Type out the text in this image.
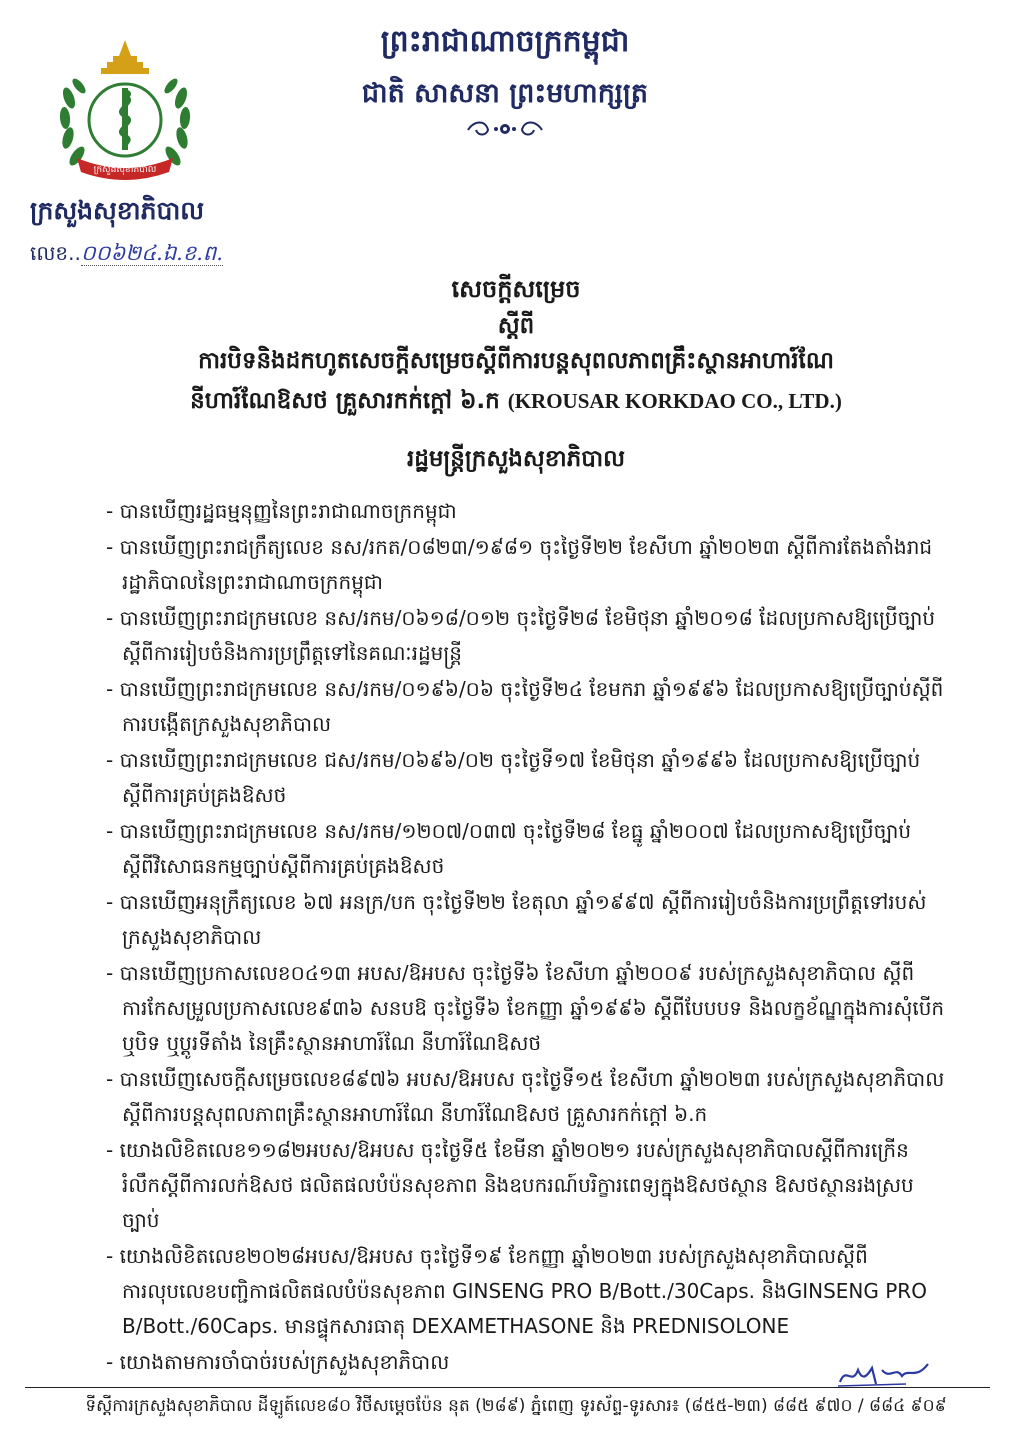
ក្រសួងសុខាភិបាល
ព្រះរាជាណាចក្រកម្ពុជា
ជាតិ សាសនា ព្រះមហាក្សត្រ
ក្រសួងសុខាភិបាល
លេខ..០០៦២៤.ឯ.ខ.ព.
សេចក្តីសម្រេច
ស្តីពី
ការបិទនិងដកហូតសេចក្តីសម្រេចស្តីពីការបន្តសុពលភាពគ្រឹះស្ថានអាហារ៍ណែ
នីហារ៍ណែឱសថ គ្រួសារកក់ក្តៅ ៦.ក (KROUSAR KORKDAO CO., LTD.)
រដ្ឋមន្ត្រីក្រសួងសុខាភិបាល
- បានឃើញរដ្ឋធម្មនុញ្ញនៃព្រះរាជាណាចក្រកម្ពុជា
- បានឃើញព្រះរាជក្រឹត្យលេខ នស/រកត/០៨២៣/១៩៨១ ចុះថ្ងៃទី២២ ខែសីហា ឆ្នាំ២០២៣ ស្តីពីការតែងតាំងរាជរដ្ឋាភិបាលនៃព្រះរាជាណាចក្រកម្ពុជា
- បានឃើញព្រះរាជក្រមលេខ នស/រកម/០៦១៨/០១២ ចុះថ្ងៃទី២៨ ខែមិថុនា ឆ្នាំ២០១៨ ដែលប្រកាសឱ្យប្រើច្បាប់ស្តីពីការរៀបចំនិងការប្រព្រឹត្តទៅនៃគណៈរដ្ឋមន្ត្រី
- បានឃើញព្រះរាជក្រមលេខ នស/រកម/០១៩៦/០៦ ចុះថ្ងៃទី២៤ ខែមករា ឆ្នាំ១៩៩៦ ដែលប្រកាសឱ្យប្រើច្បាប់ស្តីពីការបង្កើតក្រសួងសុខាភិបាល
- បានឃើញព្រះរាជក្រមលេខ ជស/រកម/០៦៩៦/០២ ចុះថ្ងៃទី១៧ ខែមិថុនា ឆ្នាំ១៩៩៦ ដែលប្រកាសឱ្យប្រើច្បាប់ស្តីពីការគ្រប់គ្រងឱសថ
- បានឃើញព្រះរាជក្រមលេខ នស/រកម/១២០៧/០៣៧ ចុះថ្ងៃទី២៨ ខែធ្នូ ឆ្នាំ២០០៧ ដែលប្រកាសឱ្យប្រើច្បាប់ស្តីពីវិសោធនកម្មច្បាប់ស្តីពីការគ្រប់គ្រងឱសថ
- បានឃើញអនុក្រឹត្យលេខ ៦៧ អនក្រ/បក ចុះថ្ងៃទី២២ ខែតុលា ឆ្នាំ១៩៩៧ ស្តីពីការរៀបចំនិងការប្រព្រឹត្តទៅរបស់ក្រសួងសុខាភិបាល
- បានឃើញប្រកាសលេខ០៤១៣ អបស/ឱអបស ចុះថ្ងៃទី៦ ខែសីហា ឆ្នាំ២០០៩ របស់ក្រសួងសុខាភិបាល ស្តីពីការកែសម្រួលប្រកាសលេខ៩៣៦ សនបឱ ចុះថ្ងៃទី៦ ខែកញ្ញា ឆ្នាំ១៩៩៦ ស្តីពីបែបបទ និងលក្ខខ័ណ្ឌក្នុងការសុំបើក ឬបិទ ឬប្តូរទីតាំង នៃគ្រឹះស្ថានអាហារ៍ណែ នីហារ៍ណែឱសថ
- បានឃើញសេចក្តីសម្រេចលេខ៨៩៧៦ អបស/ឱអបស ចុះថ្ងៃទី១៥ ខែសីហា ឆ្នាំ២០២៣ របស់ក្រសួងសុខាភិបាល ស្តីពីការបន្តសុពលភាពគ្រឹះស្ថានអាហារ៍ណែ នីហារ៍ណែឱសថ គ្រួសារកក់ក្តៅ ៦.ក
- យោងលិខិតលេខ១១៨២អបស/ឱអបស ចុះថ្ងៃទី៥ ខែមីនា ឆ្នាំ២០២១ របស់ក្រសួងសុខាភិបាលស្តីពីការក្រើនរំលឹកស្តីពីការលក់ឱសថ ផលិតផលបំប៉នសុខភាព និងឧបករណ៍បរិក្ខារពេទ្យក្នុងឱសថស្ថាន ឱសថស្ថានរងស្របច្បាប់
- យោងលិខិតលេខ២០២៨អបស/ឱអបស ចុះថ្ងៃទី១៩ ខែកញ្ញា ឆ្នាំ២០២៣ របស់ក្រសួងសុខាភិបាលស្តីពីការលុបលេខបញ្ជិកាផលិតផលបំប៉នសុខភាព GINSENG PRO B/Bott./30Caps. និងGINSENG PRO B/Bott./60Caps. មានផ្ទុកសារធាតុ DEXAMETHASONE និង PREDNISOLONE
- យោងតាមការចាំបាច់របស់ក្រសួងសុខាភិបាល
ទីស្តីការក្រសួងសុខាភិបាល ដីឡូត៍លេខ៨០ វិថីសម្តេចប៉ែន នុត (២៨៩) ភ្នំពេញ ទូរស័ព្ទ-ទូរសារ៖ (៨៥៥-២៣) ៨៨៥ ៩៧០ / ៨៨៤ ៩០៩
